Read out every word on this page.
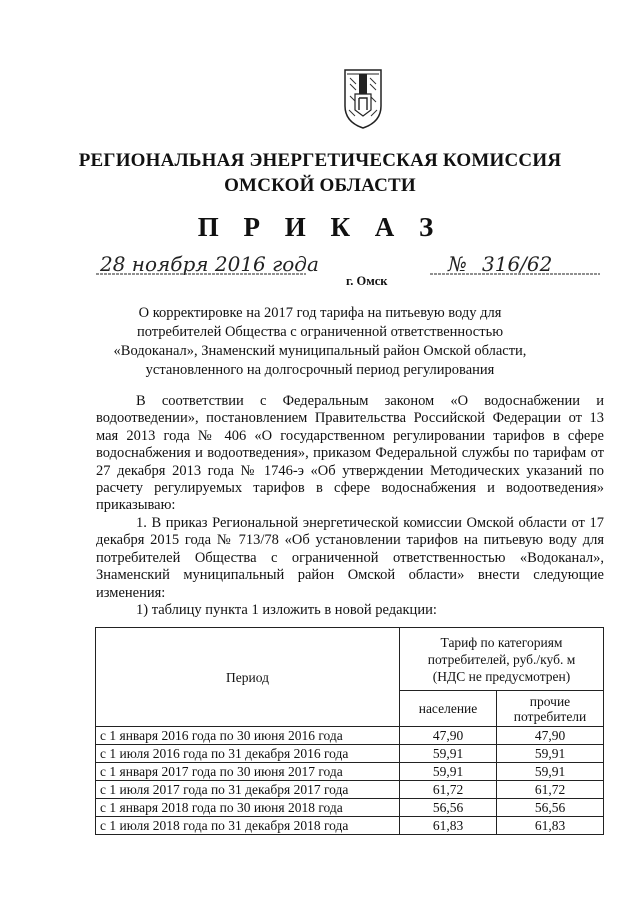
РЕГИОНАЛЬНАЯ ЭНЕРГЕТИЧЕСКАЯ КОМИССИЯ
ОМСКОЙ ОБЛАСТИ
П Р И К А З
28 ноября 2016 года	№ 316/62
г. Омск
О корректировке на 2017 год тарифа на питьевую воду для
потребителей Общества с ограниченной ответственностью
«Водоканал», Знаменский муниципальный район Омской области,
установленного на долгосрочный период регулирования
В соответствии с Федеральным законом «О водоснабжении и водоотведении», постановлением Правительства Российской Федерации от 13 мая 2013 года № 406 «О государственном регулировании тарифов в сфере водоснабжения и водоотведения», приказом Федеральной службы по тарифам от 27 декабря 2013 года № 1746-э «Об утверждении Методических указаний по расчету регулируемых тарифов в сфере водоснабжения и водоотведения» приказываю:
1. В приказ Региональной энергетической комиссии Омской области от 17 декабря 2015 года № 713/78 «Об установлении тарифов на питьевую воду для потребителей Общества с ограниченной ответственностью «Водоканал», Знаменский муниципальный район Омской области» внести следующие изменения:
1) таблицу пункта 1 изложить в новой редакции:
Период	Тариф по категориям
потребителей, руб./куб. м
(НДС не предусмотрен)	

	население	прочие
потребители

с 1 января 2016 года по 30 июня 2016 года	47,90	47,90
с 1 июля 2016 года по 31 декабря 2016 года	59,91	59,91
с 1 января 2017 года по 30 июня 2017 года	59,91	59,91
с 1 июля 2017 года по 31 декабря 2017 года	61,72	61,72
с 1 января 2018 года по 30 июня 2018 года	56,56	56,56
с 1 июля 2018 года по 31 декабря 2018 года	61,83	61,83
